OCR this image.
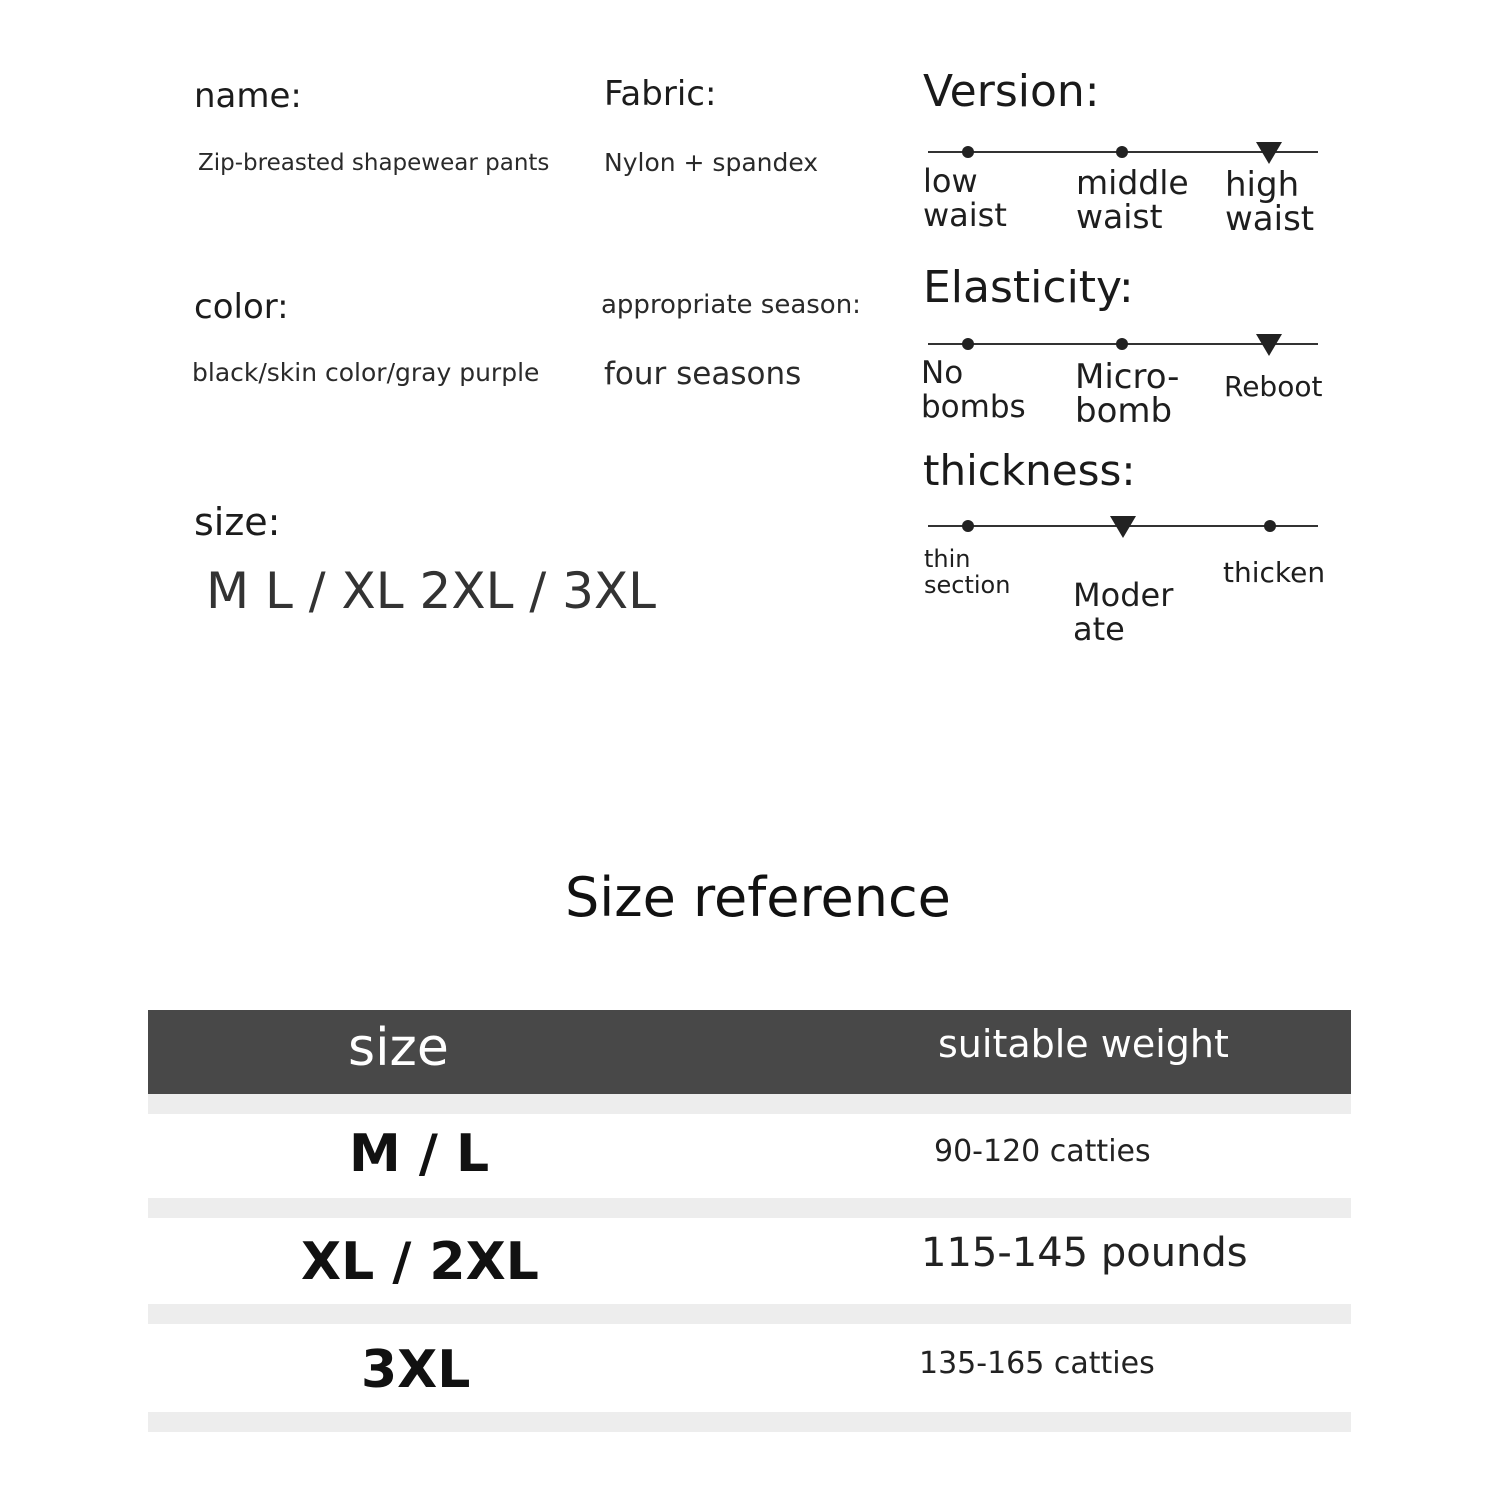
name:
Zip-breasted shapewear pants
Fabric:
Nylon + spandex
color:
black/skin color/gray purple
appropriate season:
four seasons
size:
M L / XL 2XL / 3XL
Version:
low
waist
middle
waist
high
waist
Elasticity:
No
bombs
Micro-
bomb
Reboot
thickness:
thin
section Moder
ate
thicken
Size reference
size	suitable weight
M / L	90-120 catties
XL / 2XL	115-145 pounds
3XL	135-165 catties
